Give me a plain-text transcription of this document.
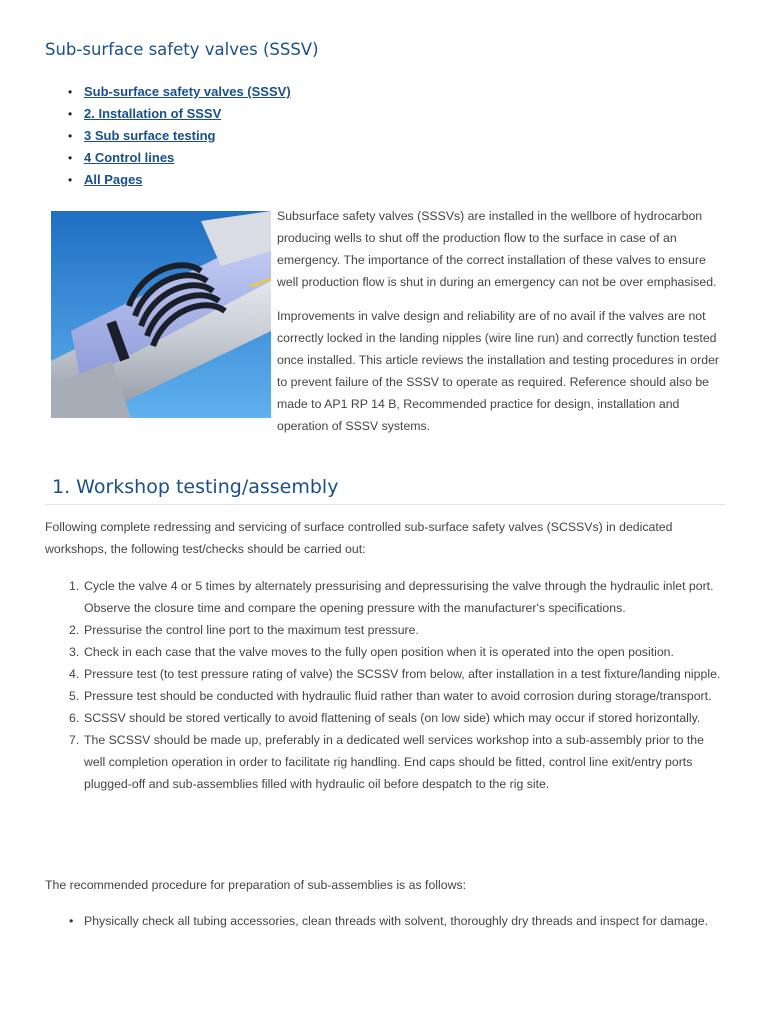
Sub-surface safety valves (SSSV)
• Sub-surface safety valves (SSSV)
• 2. Installation of SSSV
• 3 Sub surface testing
• 4 Control lines
• All Pages

Subsurface safety valves (SSSVs) are installed in the wellbore of hydrocarbon producing wells to shut off the production flow to the surface in case of an emergency. The importance of the correct installation of these valves to ensure well production flow is shut in during an emergency can not be over emphasised.

Improvements in valve design and reliability are of no avail if the valves are not correctly locked in the landing nipples (wire line run) and correctly function tested once installed. This article reviews the installation and testing procedures in order to prevent failure of the SSSV to operate as required. Reference should also be made to AP1 RP 14 B, Recommended practice for design, installation and operation of SSSV systems.

1. Workshop testing/assembly

Following complete redressing and servicing of surface controlled sub-surface safety valves (SCSSVs) in dedicated workshops, the following test/checks should be carried out:

1. Cycle the valve 4 or 5 times by alternately pressurising and depressurising the valve through the hydraulic inlet port. Observe the closure time and compare the opening pressure with the manufacturer's specifications.
2. Pressurise the control line port to the maximum test pressure.
3. Check in each case that the valve moves to the fully open position when it is operated into the open position.
4. Pressure test (to test pressure rating of valve) the SCSSV from below, after installation in a test fixture/landing nipple.
5. Pressure test should be conducted with hydraulic fluid rather than water to avoid corrosion during storage/transport.
6. SCSSV should be stored vertically to avoid flattening of seals (on low side) which may occur if stored horizontally.
7. The SCSSV should be made up, preferably in a dedicated well services workshop into a sub-assembly prior to the well completion operation in order to facilitate rig handling. End caps should be fitted, control line exit/entry ports plugged-off and sub-assemblies filled with hydraulic oil before despatch to the rig site.

The recommended procedure for preparation of sub-assemblies is as follows:

• Physically check all tubing accessories, clean threads with solvent, thoroughly dry threads and inspect for damage.
